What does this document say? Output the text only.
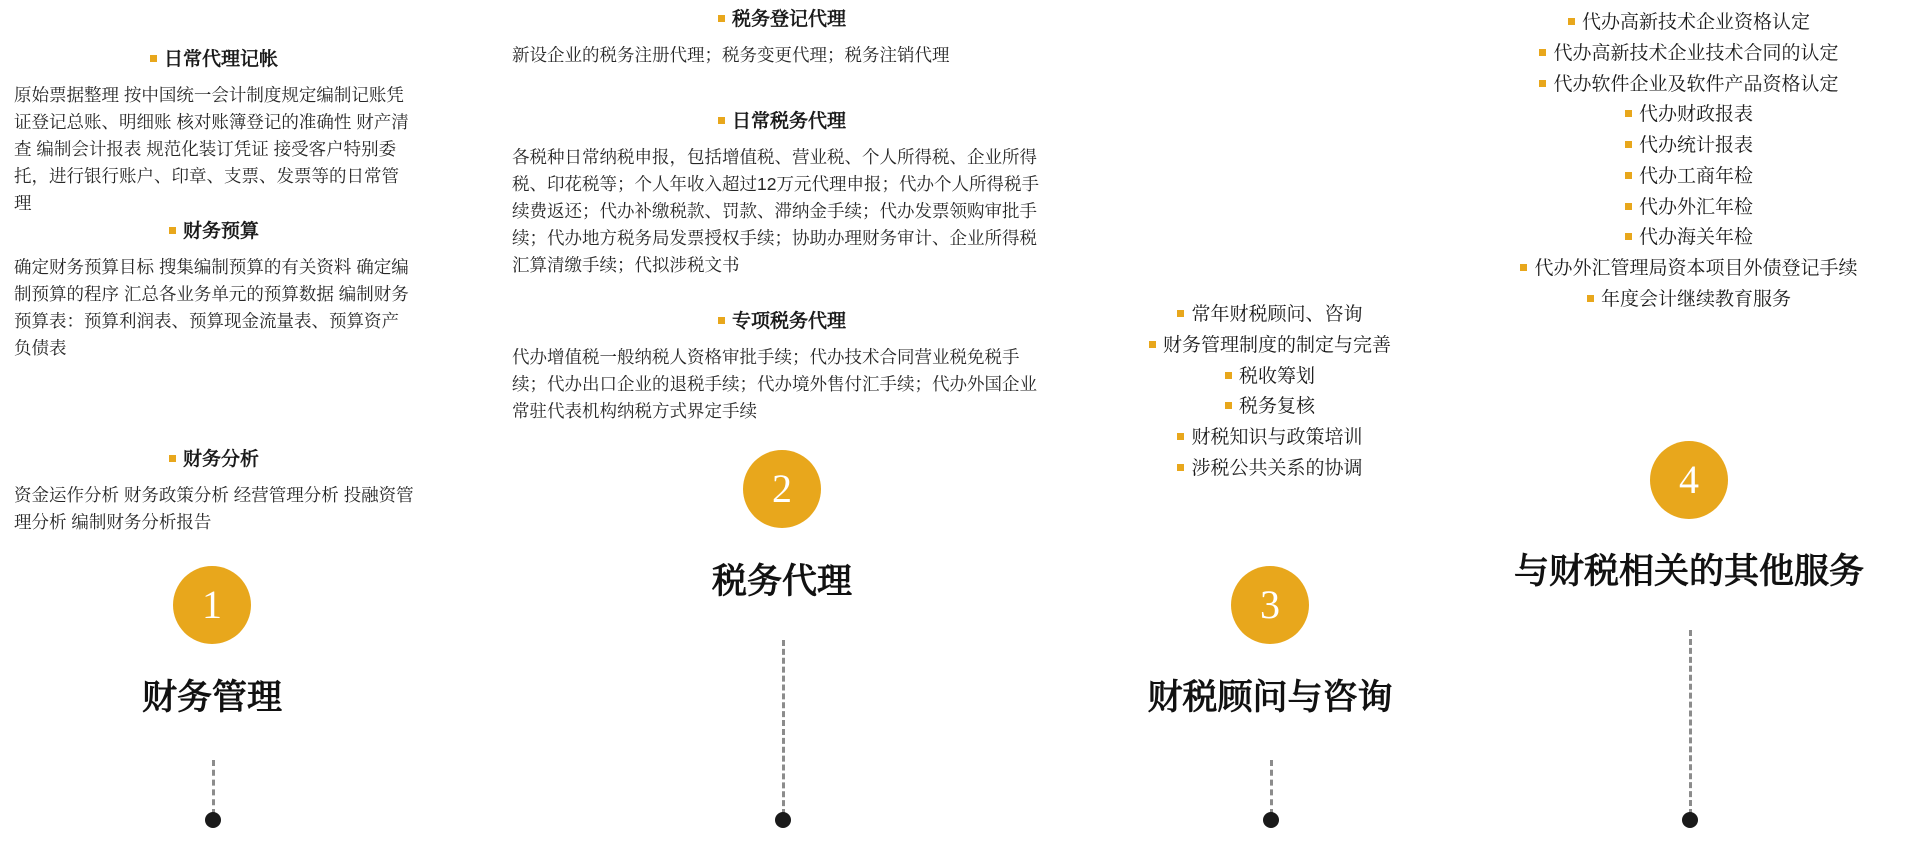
日常代理记帐
原始票据整理 按中国统一会计制度规定编制记账凭证登记总账、明细账 核对账簿登记的准确性 财产清查 编制会计报表 规范化装订凭证 接受客户特别委托，进行银行账户、印章、支票、发票等的日常管理
财务预算
确定财务预算目标 搜集编制预算的有关资料 确定编制预算的程序 汇总各业务单元的预算数据 编制财务预算表：预算利润表、预算现金流量表、预算资产负债表
财务分析
资金运作分析 财务政策分析 经营管理分析 投融资管理分析 编制财务分析报告
1
财务管理
税务登记代理
新设企业的税务注册代理；税务变更代理；税务注销代理
日常税务代理
各税种日常纳税申报，包括增值税、营业税、个人所得税、企业所得税、印花税等；个人年收入超过12万元代理申报；代办个人所得税手续费返还；代办补缴税款、罚款、滞纳金手续；代办发票领购审批手续；代办地方税务局发票授权手续；协助办理财务审计、企业所得税汇算清缴手续；代拟涉税文书
专项税务代理
代办增值税一般纳税人资格审批手续；代办技术合同营业税免税手续；代办出口企业的退税手续；代办境外售付汇手续；代办外国企业常驻代表机构纳税方式界定手续
2
税务代理
常年财税顾问、咨询
财务管理制度的制定与完善
税收筹划
税务复核
财税知识与政策培训
涉税公共关系的协调
3
财税顾问与咨询
代办高新技术企业资格认定
代办高新技术企业技术合同的认定
代办软件企业及软件产品资格认定
代办财政报表
代办统计报表
代办工商年检
代办外汇年检
代办海关年检
代办外汇管理局资本项目外债登记手续
年度会计继续教育服务
4
与财税相关的其他服务
